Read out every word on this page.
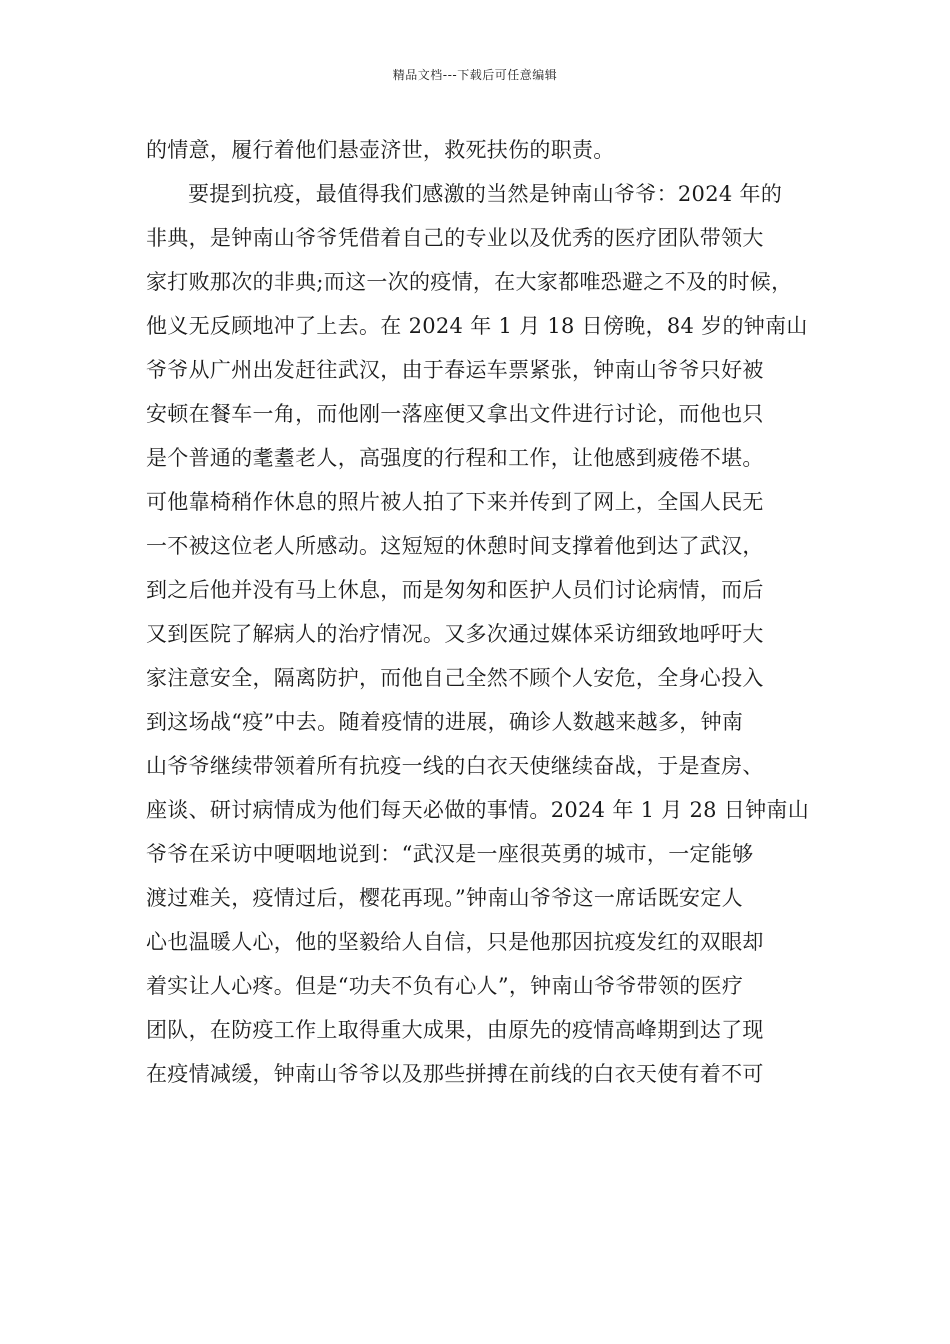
精品文档---下载后可任意编辑
的情意，履行着他们悬壶济世，救死扶伤的职责。
要提到抗疫，最值得我们感激的当然是钟南山爷爷：2024 年的
非典，是钟南山爷爷凭借着自己的专业以及优秀的医疗团队带领大
家打败那次的非典;而这一次的疫情，在大家都唯恐避之不及的时候，
他义无反顾地冲了上去。在 2024 年 1 月 18 日傍晚，84 岁的钟南山
爷爷从广州出发赶往武汉，由于春运车票紧张，钟南山爷爷只好被
安顿在餐车一角，而他刚一落座便又拿出文件进行讨论，而他也只
是个普通的耄耋老人，高强度的行程和工作，让他感到疲倦不堪。
可他靠椅稍作休息的照片被人拍了下来并传到了网上，全国人民无
一不被这位老人所感动。这短短的休憩时间支撑着他到达了武汉，
到之后他并没有马上休息，而是匆匆和医护人员们讨论病情，而后
又到医院了解病人的治疗情况。又多次通过媒体采访细致地呼吁大
家注意安全，隔离防护，而他自己全然不顾个人安危，全身心投入
到这场战“疫”中去。随着疫情的进展，确诊人数越来越多，钟南
山爷爷继续带领着所有抗疫一线的白衣天使继续奋战，于是查房、
座谈、研讨病情成为他们每天必做的事情。2024 年 1 月 28 日钟南山
爷爷在采访中哽咽地说到：“武汉是一座很英勇的城市，一定能够
渡过难关，疫情过后，樱花再现。”钟南山爷爷这一席话既安定人
心也温暖人心，他的坚毅给人自信，只是他那因抗疫发红的双眼却
着实让人心疼。但是“功夫不负有心人”，钟南山爷爷带领的医疗
团队，在防疫工作上取得重大成果，由原先的疫情高峰期到达了现
在疫情减缓，钟南山爷爷以及那些拼搏在前线的白衣天使有着不可
